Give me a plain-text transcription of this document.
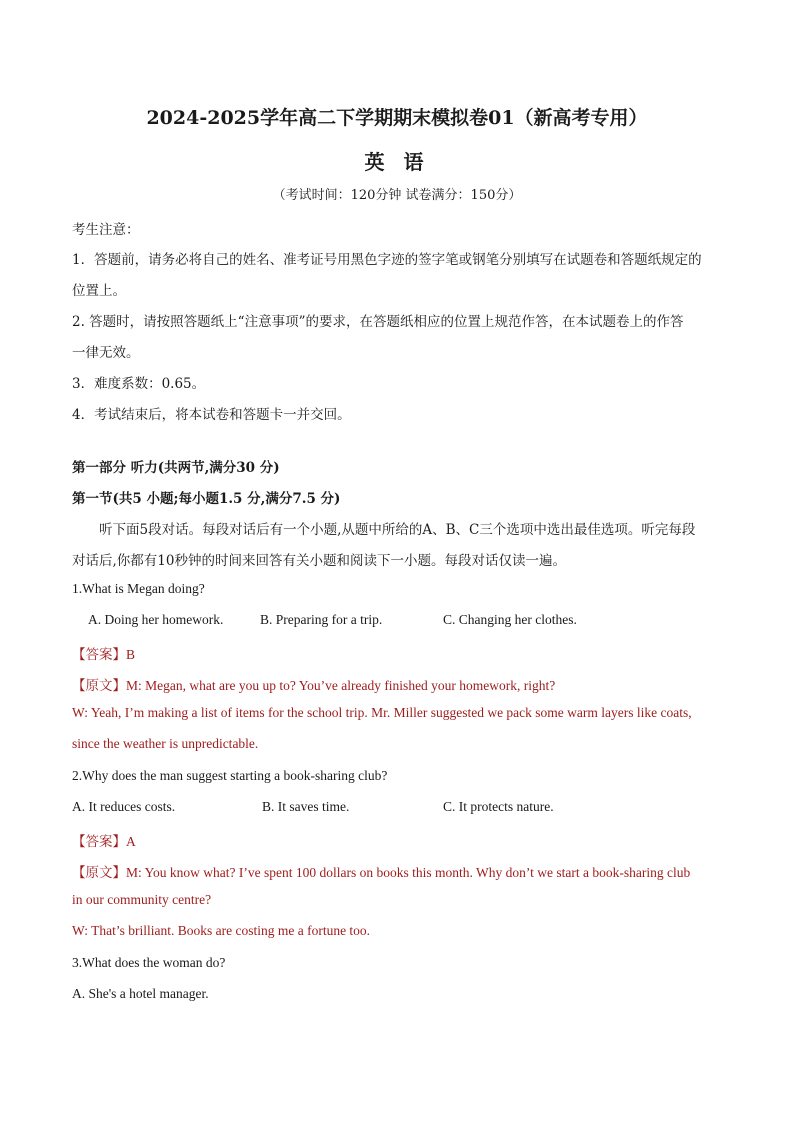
2024-2025学年高二下学期期末模拟卷01（新高考专用）
英 语
（考试时间：120分钟 试卷满分：150分）
考生注意：
1．答题前，请务必将自己的姓名、准考证号用黑色字迹的签字笔或钢笔分别填写在试题卷和答题纸规定的
位置上。
2. 答题时，请按照答题纸上“注意事项”的要求，在答题纸相应的位置上规范作答，在本试题卷上的作答
一律无效。
3．难度系数：0.65。
4．考试结束后，将本试卷和答题卡一并交回。
第一部分 听力(共两节,满分30 分)
第一节(共5 小题;每小题1.5 分,满分7.5 分)
听下面5段对话。每段对话后有一个小题,从题中所给的A、B、C三个选项中选出最佳选项。听完每段
对话后,你都有10秒钟的时间来回答有关小题和阅读下一小题。每段对话仅读一遍。
1.What is Megan doing?
A. Doing her homework.	B. Preparing for a trip.	C. Changing her clothes.
【答案】B
【原文】M: Megan, what are you up to? You’ve already finished your homework, right?
W: Yeah, I’m making a list of items for the school trip. Mr. Miller suggested we pack some warm layers like coats,
since the weather is unpredictable.
2.Why does the man suggest starting a book-sharing club?
A. It reduces costs.	B. It saves time.	C. It protects nature.
【答案】A
【原文】M: You know what? I’ve spent 100 dollars on books this month. Why don’t we start a book-sharing club
in our community centre?
W: That’s brilliant. Books are costing me a fortune too.
3.What does the woman do?
A. She's a hotel manager.
